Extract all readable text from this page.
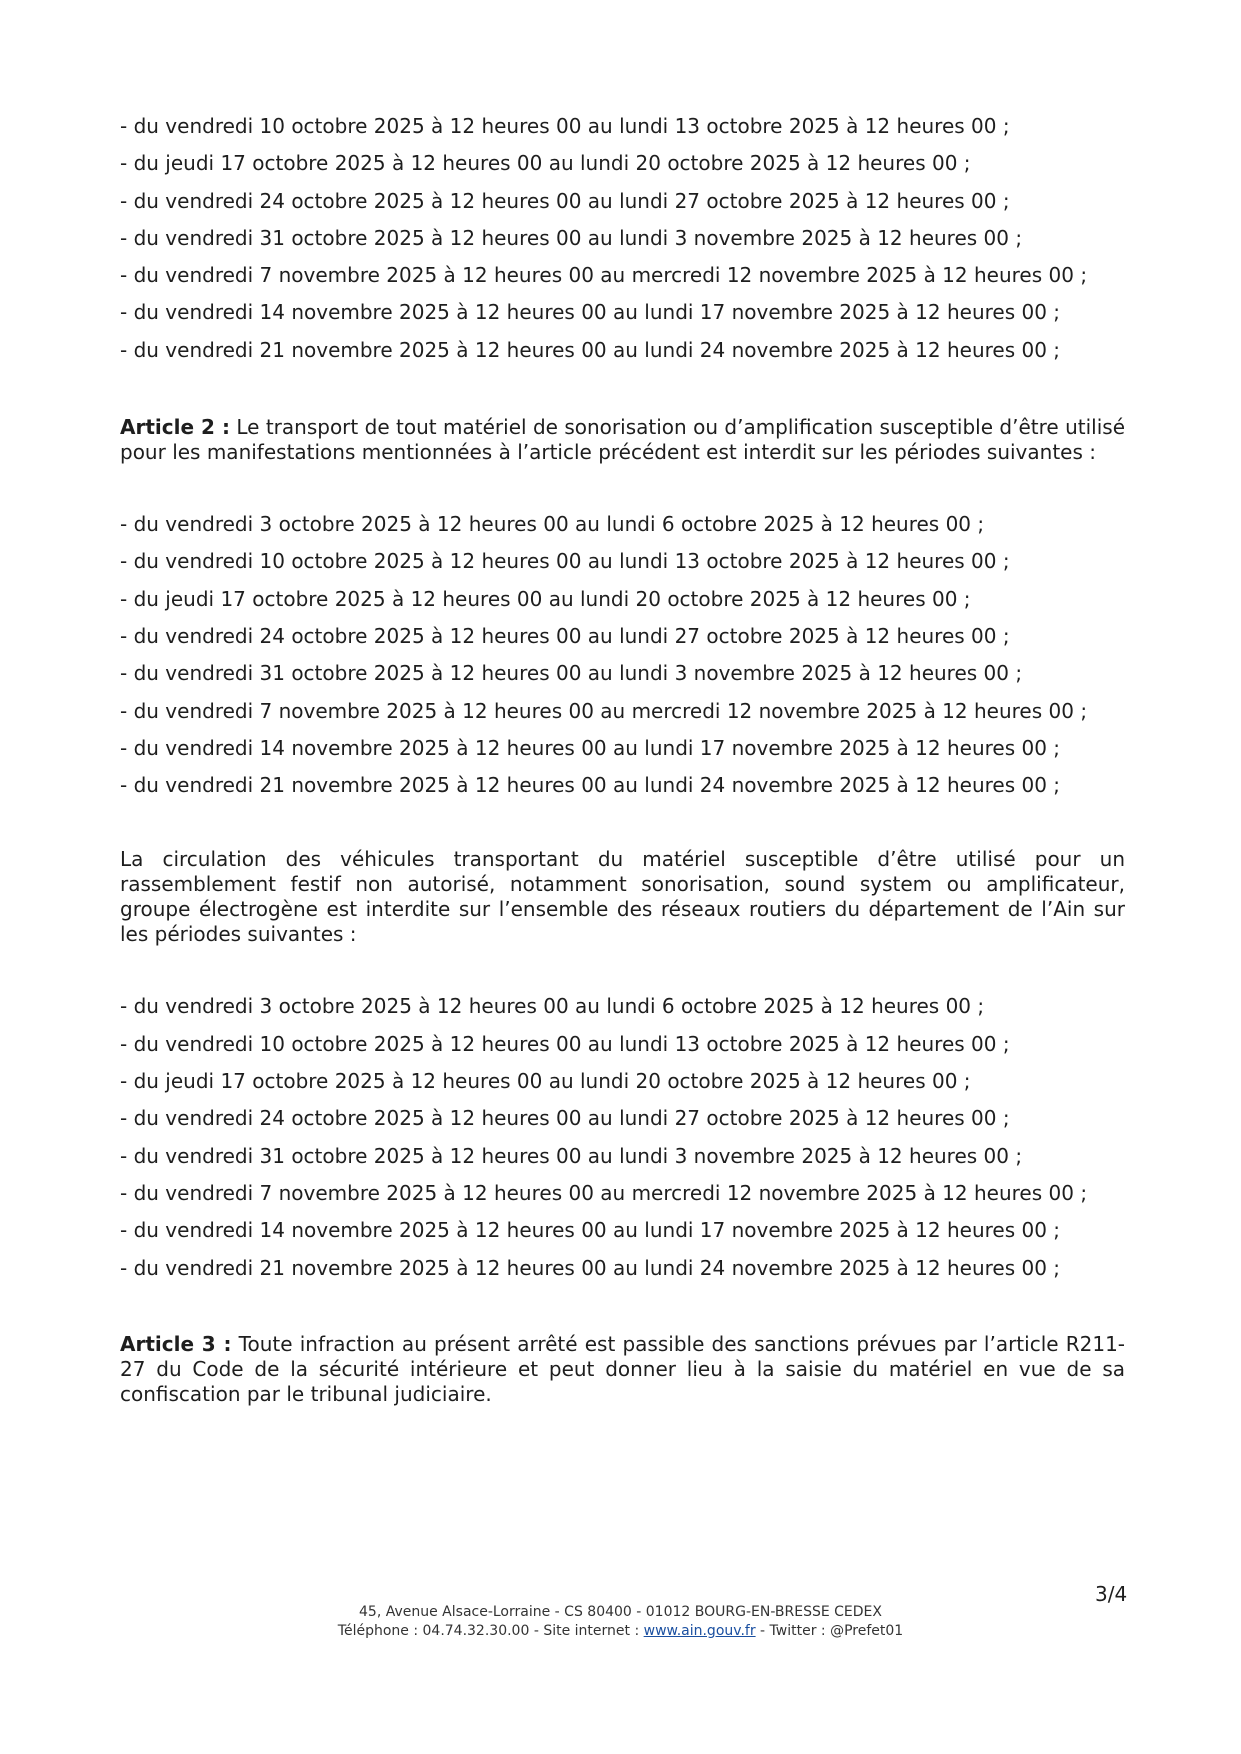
- du vendredi 10 octobre 2025 à 12 heures 00 au lundi 13 octobre 2025 à 12 heures 00 ;
- du jeudi 17 octobre 2025 à 12 heures 00 au lundi 20 octobre 2025 à 12 heures 00 ;
- du vendredi 24 octobre 2025 à 12 heures 00 au lundi 27 octobre 2025 à 12 heures 00 ;
- du vendredi 31 octobre 2025 à 12 heures 00 au lundi 3 novembre 2025 à 12 heures 00 ;
- du vendredi 7 novembre 2025 à 12 heures 00 au mercredi 12 novembre 2025 à 12 heures 00 ;
- du vendredi 14 novembre 2025 à 12 heures 00 au lundi 17 novembre 2025 à 12 heures 00 ;
- du vendredi 21 novembre 2025 à 12 heures 00 au lundi 24 novembre 2025 à 12 heures 00 ;

Article 2 : Le transport de tout matériel de sonorisation ou d’amplification susceptible d’être utilisé pour les manifestations mentionnées à l’article précédent est interdit sur les périodes suivantes :

- du vendredi 3 octobre 2025 à 12 heures 00 au lundi 6 octobre 2025 à 12 heures 00 ;
- du vendredi 10 octobre 2025 à 12 heures 00 au lundi 13 octobre 2025 à 12 heures 00 ;
- du jeudi 17 octobre 2025 à 12 heures 00 au lundi 20 octobre 2025 à 12 heures 00 ;
- du vendredi 24 octobre 2025 à 12 heures 00 au lundi 27 octobre 2025 à 12 heures 00 ;
- du vendredi 31 octobre 2025 à 12 heures 00 au lundi 3 novembre 2025 à 12 heures 00 ;
- du vendredi 7 novembre 2025 à 12 heures 00 au mercredi 12 novembre 2025 à 12 heures 00 ;
- du vendredi 14 novembre 2025 à 12 heures 00 au lundi 17 novembre 2025 à 12 heures 00 ;
- du vendredi 21 novembre 2025 à 12 heures 00 au lundi 24 novembre 2025 à 12 heures 00 ;

La circulation des véhicules transportant du matériel susceptible d’être utilisé pour un rassemblement festif non autorisé, notamment sonorisation, sound system ou amplificateur, groupe électrogène est interdite sur l’ensemble des réseaux routiers du département de l’Ain sur les périodes suivantes :

- du vendredi 3 octobre 2025 à 12 heures 00 au lundi 6 octobre 2025 à 12 heures 00 ;
- du vendredi 10 octobre 2025 à 12 heures 00 au lundi 13 octobre 2025 à 12 heures 00 ;
- du jeudi 17 octobre 2025 à 12 heures 00 au lundi 20 octobre 2025 à 12 heures 00 ;
- du vendredi 24 octobre 2025 à 12 heures 00 au lundi 27 octobre 2025 à 12 heures 00 ;
- du vendredi 31 octobre 2025 à 12 heures 00 au lundi 3 novembre 2025 à 12 heures 00 ;
- du vendredi 7 novembre 2025 à 12 heures 00 au mercredi 12 novembre 2025 à 12 heures 00 ;
- du vendredi 14 novembre 2025 à 12 heures 00 au lundi 17 novembre 2025 à 12 heures 00 ;
- du vendredi 21 novembre 2025 à 12 heures 00 au lundi 24 novembre 2025 à 12 heures 00 ;

Article 3 : Toute infraction au présent arrêté est passible des sanctions prévues par l’article R211-27 du Code de la sécurité intérieure et peut donner lieu à la saisie du matériel en vue de sa confiscation par le tribunal judiciaire.

3/4
45, Avenue Alsace-Lorraine - CS 80400 - 01012 BOURG-EN-BRESSE CEDEX
Téléphone : 04.74.32.30.00 - Site internet : www.ain.gouv.fr - Twitter : @Prefet01
